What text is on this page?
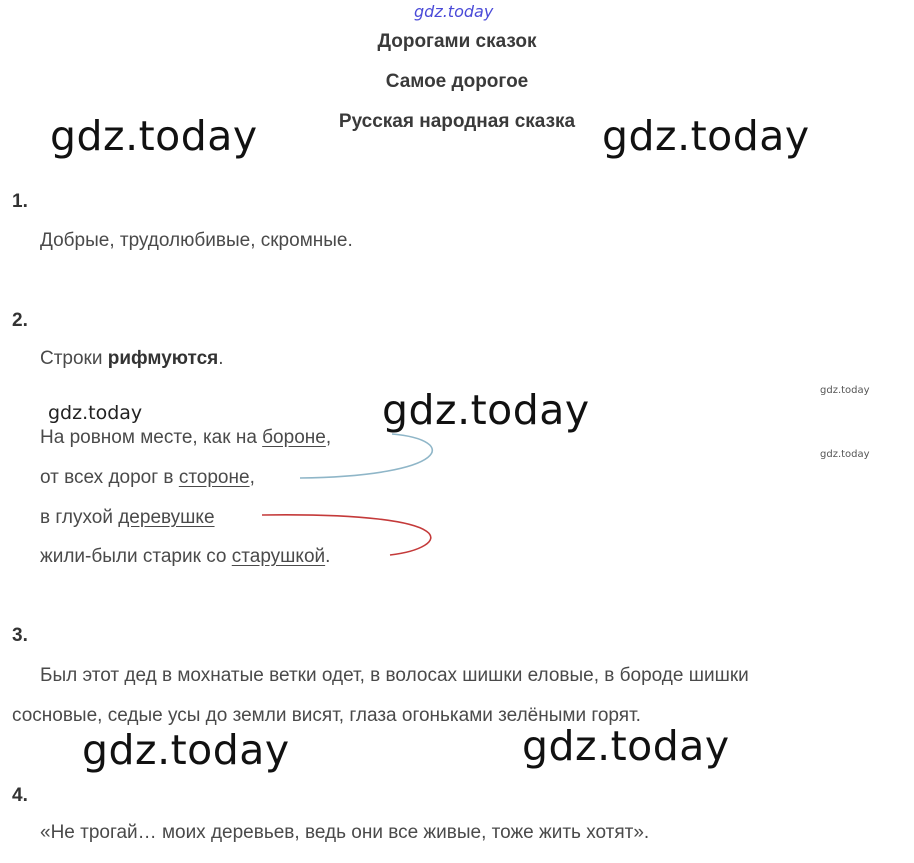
gdz.today
gdz.today	gdz.today
gdz.today
gdz.today
gdz.today
gdz.today
gdz.today	gdz.today
Дорогами сказок
Самое дорогое
Русская народная сказка
1.
Добрые, трудолюбивые, скромные.
2.
Строки рифмуются.
На ровном месте, как на бороне,
от всех дорог в стороне,
в глухой деревушке
жили-были старик со старушкой.
3.
Был этот дед в мохнатые ветки одет, в волосах шишки еловые, в бороде шишки
сосновые, седые усы до земли висят, глаза огоньками зелёными горят.
4.
«Не трогай… моих деревьев, ведь они все живые, тоже жить хотят».
